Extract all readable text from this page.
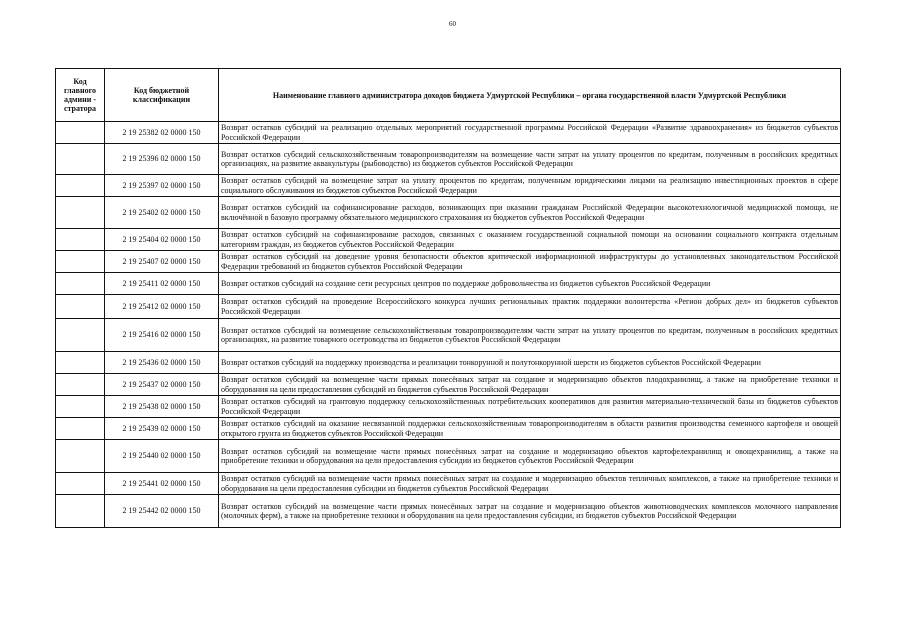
60
Код главного админи - стратора	Код бюджетной классификации	Наименование главного администратора доходов бюджета Удмуртской Республики – органа государственной власти Удмуртской Республики
	2 19 25382 02 0000 150	Возврат остатков субсидий на реализацию отдельных мероприятий государственной программы Российской Федерации «Развитие здравоохранения» из бюджетов субъектов Российской Федерации
	2 19 25396 02 0000 150	Возврат остатков субсидий сельскохозяйственным товаропроизводителям на возмещение части затрат на уплату процентов по кредитам, полученным в российских кредитных организациях, на развитие аквакультуры (рыбоводство) из бюджетов субъектов Российской Федерации
	2 19 25397 02 0000 150	Возврат остатков субсидий на возмещение затрат на уплату процентов по кредитам, полученным юридическими лицами на реализацию инвестиционных проектов в сфере социального обслуживания из бюджетов субъектов Российской Федерации
	2 19 25402 02 0000 150	Возврат остатков субсидий на софинансирование расходов, возникающих при оказании гражданам Российской Федерации высокотехнологичной медицинской помощи, не включённой в базовую программу обязательного медицинского страхования из бюджетов субъектов Российской Федерации
	2 19 25404 02 0000 150	Возврат остатков субсидий на софинансирование расходов, связанных с оказанием государственной социальной помощи на основании социального контракта отдельным категориям граждан, из бюджетов субъектов Российской Федерации
	2 19 25407 02 0000 150	Возврат остатков субсидий на доведение уровня безопасности объектов критической информационной инфраструктуры до установленных законодательством Российской Федерации требований из бюджетов субъектов Российской Федерации
	2 19 25411 02 0000 150	Возврат остатков субсидий на создание сети ресурсных центров по поддержке добровольчества из бюджетов субъектов Российской Федерации
	2 19 25412 02 0000 150	Возврат остатков субсидий на проведение Всероссийского конкурса лучших региональных практик поддержки волонтерства «Регион добрых дел» из бюджетов субъектов Российской Федерации
	2 19 25416 02 0000 150	Возврат остатков субсидий на возмещение сельскохозяйственным товаропроизводителям части затрат на уплату процентов по кредитам, полученным в российских кредитных организациях, на развитие товарного осетроводства из бюджетов субъектов Российской Федерации
	2 19 25436 02 0000 150	Возврат остатков субсидий на поддержку производства и реализации тонкорунной и полутонкорунной шерсти из бюджетов субъектов Российской Федерации
	2 19 25437 02 0000 150	Возврат остатков субсидий на возмещение части прямых понесённых затрат на создание и модернизацию объектов плодохранилищ, а также на приобретение техники и оборудования на цели предоставления субсидий из бюджетов субъектов Российской Федерации
	2 19 25438 02 0000 150	Возврат остатков субсидий на грантовую поддержку сельскохозяйственных потребительских кооперативов для развития материально-технической базы из бюджетов субъектов Российской Федерации
	2 19 25439 02 0000 150	Возврат остатков субсидий на оказание несвязанной поддержки сельскохозяйственным товаропроизводителям в области развития производства семенного картофеля и овощей открытого грунта из бюджетов субъектов Российской Федерации
	2 19 25440 02 0000 150	Возврат остатков субсидий на возмещение части прямых понесённых затрат на создание и модернизацию объектов картофелехранилищ и овощехранилищ, а также на приобретение техники и оборудования на цели предоставления субсидии из бюджетов субъектов Российской Федерации
	2 19 25441 02 0000 150	Возврат остатков субсидий на возмещение части прямых понесённых затрат на создание и модернизацию объектов тепличных комплексов, а также на приобретение техники и оборудования на цели предоставления субсидии из бюджетов субъектов Российской Федерации
	2 19 25442 02 0000 150	Возврат остатков субсидий на возмещение части прямых понесённых затрат на создание и модернизацию объектов животноводческих комплексов молочного направления (молочных ферм), а также на приобретение техники и оборудования на цели предоставления субсидии, из бюджетов субъектов Российской Федерации
